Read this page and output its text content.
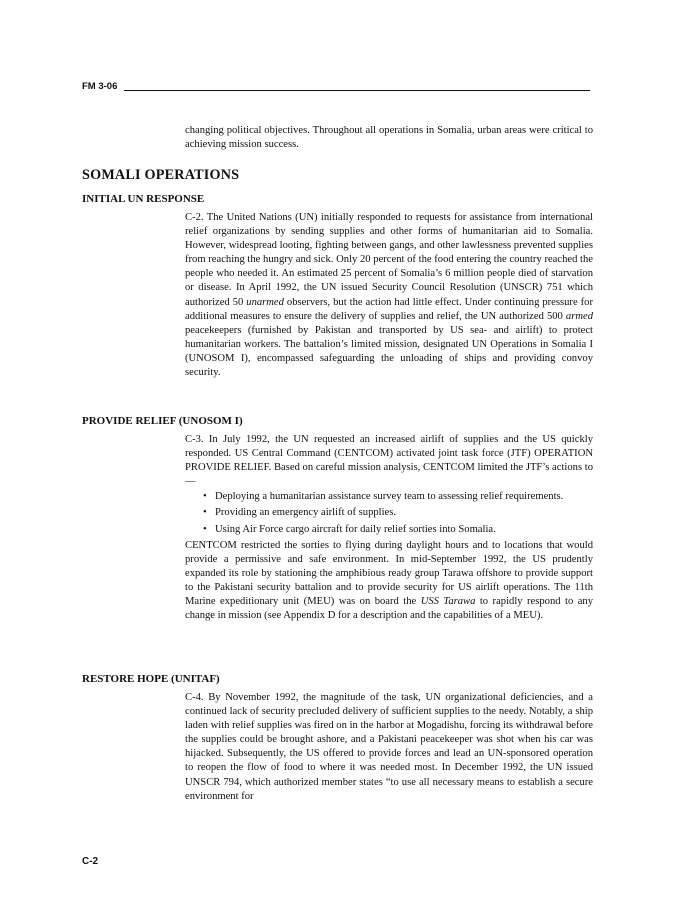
FM 3-06

changing political objectives. Throughout all operations in Somalia, urban areas were critical to achieving mission success.

SOMALI OPERATIONS
INITIAL UN RESPONSE

C-2. The United Nations (UN) initially responded to requests for assistance from international relief organizations by sending supplies and other forms of humanitarian aid to Somalia. However, widespread looting, fighting between gangs, and other lawlessness prevented supplies from reaching the hungry and sick. Only 20 percent of the food entering the country reached the people who needed it. An estimated 25 percent of Somalia’s 6 million people died of starvation or disease. In April 1992, the UN issued Security Council Resolution (UNSCR) 751 which authorized 50 unarmed observers, but the action had little effect. Under continuing pressure for additional measures to ensure the delivery of supplies and relief, the UN authorized 500 armed peacekeepers (furnished by Pakistan and transported by US sea- and airlift) to protect humanitarian workers. The battalion’s limited mission, designated UN Operations in Somalia I (UNOSOM I), encompassed safeguarding the unloading of ships and providing convoy security.

PROVIDE RELIEF (UNOSOM I)

C-3. In July 1992, the UN requested an increased airlift of supplies and the US quickly responded. US Central Command (CENTCOM) activated joint task force (JTF) OPERATION PROVIDE RELIEF. Based on careful mission analysis, CENTCOM limited the JTF’s actions to—

• Deploying a humanitarian assistance survey team to assessing relief requirements.
• Providing an emergency airlift of supplies.
• Using Air Force cargo aircraft for daily relief sorties into Somalia.

CENTCOM restricted the sorties to flying during daylight hours and to locations that would provide a permissive and safe environment. In mid-September 1992, the US prudently expanded its role by stationing the amphibious ready group Tarawa offshore to provide support to the Pakistani security battalion and to provide security for US airlift operations. The 11th Marine expeditionary unit (MEU) was on board the USS Tarawa to rapidly respond to any change in mission (see Appendix D for a description and the capabilities of a MEU).

RESTORE HOPE (UNITAF)

C-4. By November 1992, the magnitude of the task, UN organizational deficiencies, and a continued lack of security precluded delivery of sufficient supplies to the needy. Notably, a ship laden with relief supplies was fired on in the harbor at Mogadishu, forcing its withdrawal before the supplies could be brought ashore, and a Pakistani peacekeeper was shot when his car was hijacked. Subsequently, the US offered to provide forces and lead an UN-sponsored operation to reopen the flow of food to where it was needed most. In December 1992, the UN issued UNSCR 794, which authorized member states “to use all necessary means to establish a secure environment for

C-2
